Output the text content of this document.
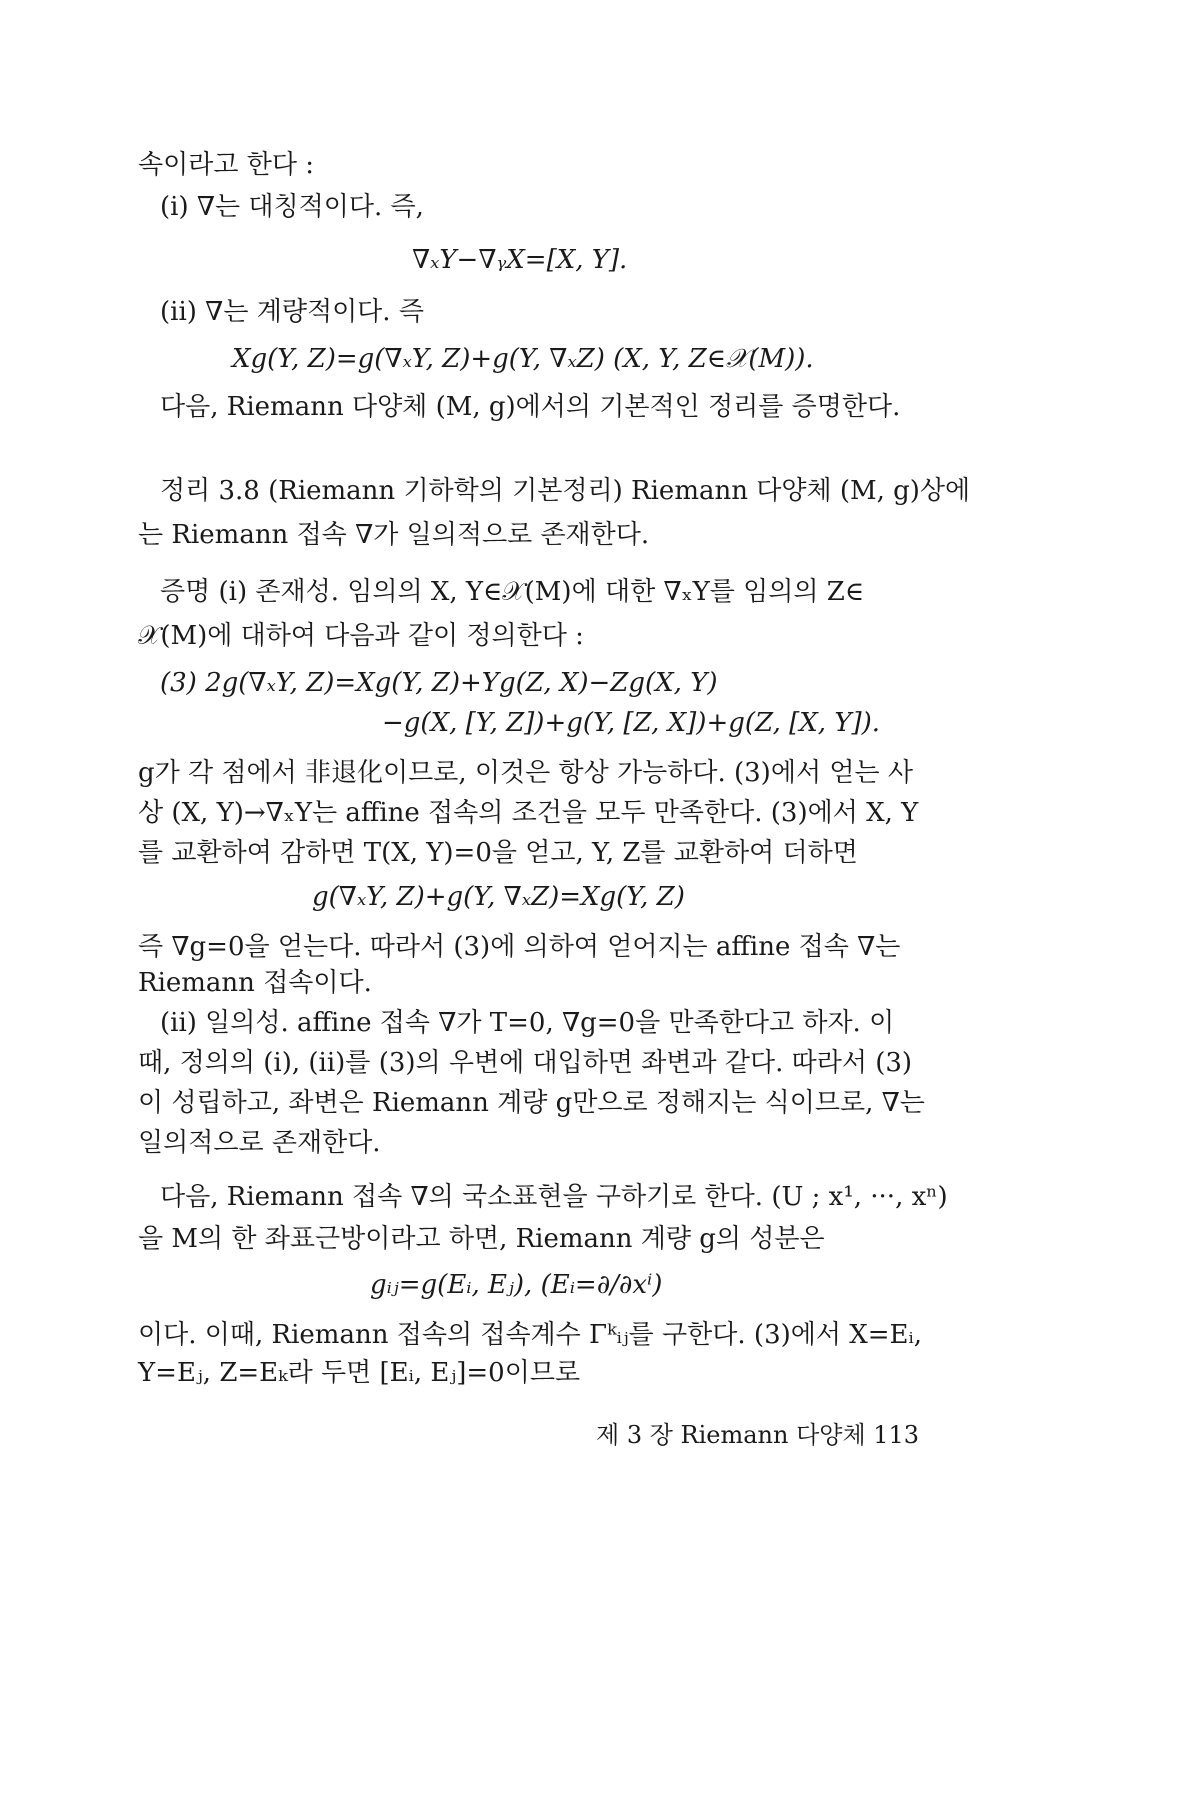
속이라고 한다 :
(i) ∇는 대칭적이다. 즉,
∇ₓY−∇ᵧX=[X, Y].
(ii) ∇는 계량적이다. 즉
Xg(Y, Z)=g(∇ₓY, Z)+g(Y, ∇ₓZ) (X, Y, Z∈𝒳(M)).
다음, Riemann 다양체 (M, g)에서의 기본적인 정리를 증명한다.
정리 3.8 (Riemann 기하학의 기본정리) Riemann 다양체 (M, g)상에
는 Riemann 접속 ∇가 일의적으로 존재한다.
증명 (i) 존재성. 임의의 X, Y∈𝒳(M)에 대한 ∇ₓY를 임의의 Z∈
𝒳(M)에 대하여 다음과 같이 정의한다 :
(3) 2g(∇ₓY, Z)=Xg(Y, Z)+Yg(Z, X)−Zg(X, Y)
−g(X, [Y, Z])+g(Y, [Z, X])+g(Z, [X, Y]).
g가 각 점에서 非退化이므로, 이것은 항상 가능하다. (3)에서 얻는 사
상 (X, Y)→∇ₓY는 affine 접속의 조건을 모두 만족한다. (3)에서 X, Y
를 교환하여 감하면 T(X, Y)=0을 얻고, Y, Z를 교환하여 더하면
g(∇ₓY, Z)+g(Y, ∇ₓZ)=Xg(Y, Z)
즉 ∇g=0을 얻는다. 따라서 (3)에 의하여 얻어지는 affine 접속 ∇는
Riemann 접속이다.
(ii) 일의성. affine 접속 ∇가 T=0, ∇g=0을 만족한다고 하자. 이
때, 정의의 (i), (ii)를 (3)의 우변에 대입하면 좌변과 같다. 따라서 (3)
이 성립하고, 좌변은 Riemann 계량 g만으로 정해지는 식이므로, ∇는
일의적으로 존재한다.
다음, Riemann 접속 ∇의 국소표현을 구하기로 한다. (U ; x¹, ···, xⁿ)
을 M의 한 좌표근방이라고 하면, Riemann 계량 g의 성분은
gᵢⱼ=g(Eᵢ, Eⱼ), (Eᵢ=∂/∂xⁱ)
이다. 이때, Riemann 접속의 접속계수 Γᵏᵢⱼ를 구한다. (3)에서 X=Eᵢ,
Y=Eⱼ, Z=Eₖ라 두면 [Eᵢ, Eⱼ]=0이므로
제 3 장 Riemann 다양체 113
